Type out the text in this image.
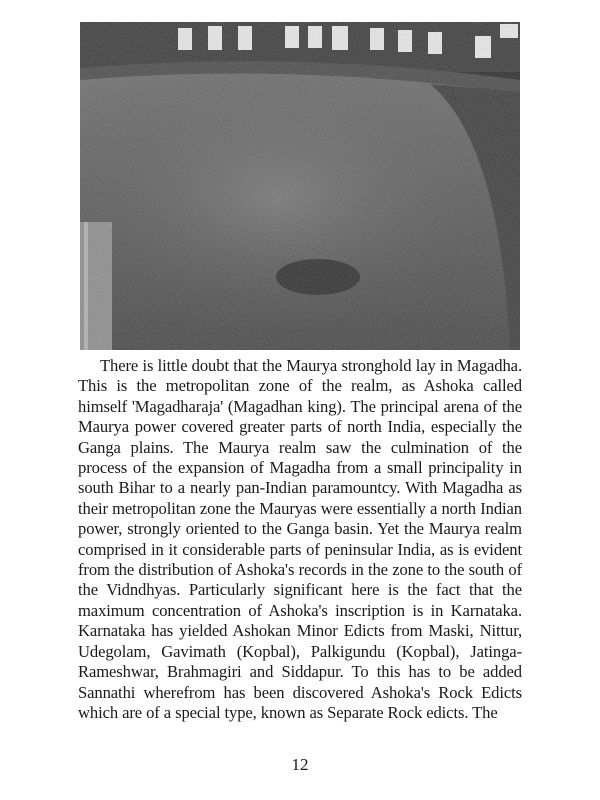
There is little doubt that the Maurya stronghold lay in Magadha. This is the metropolitan zone of the realm, as Ashoka called himself 'Magadharaja' (Magadhan king). The principal arena of the Maurya power covered greater parts of north India, especially the Ganga plains. The Maurya realm saw the culmination of the process of the expansion of Magadha from a small principality in south Bihar to a nearly pan-Indian paramountcy. With Magadha as their metropolitan zone the Mauryas were essentially a north Indian power, strongly oriented to the Ganga basin. Yet the Maurya realm comprised in it considerable parts of peninsular India, as is evident from the distribution of Ashoka's records in the zone to the south of the Vidndhyas. Particularly significant here is the fact that the maximum concentration of Ashoka's inscription is in Karnataka. Karnataka has yielded Ashokan Minor Edicts from Maski, Nittur, Udegolam, Gavimath (Kopbal), Palkigundu (Kopbal), Jatinga-Rameshwar, Brahmagiri and Siddapur. To this has to be added Sannathi wherefrom has been discovered Ashoka's Rock Edicts which are of a special type, known as Separate Rock edicts. The

12
